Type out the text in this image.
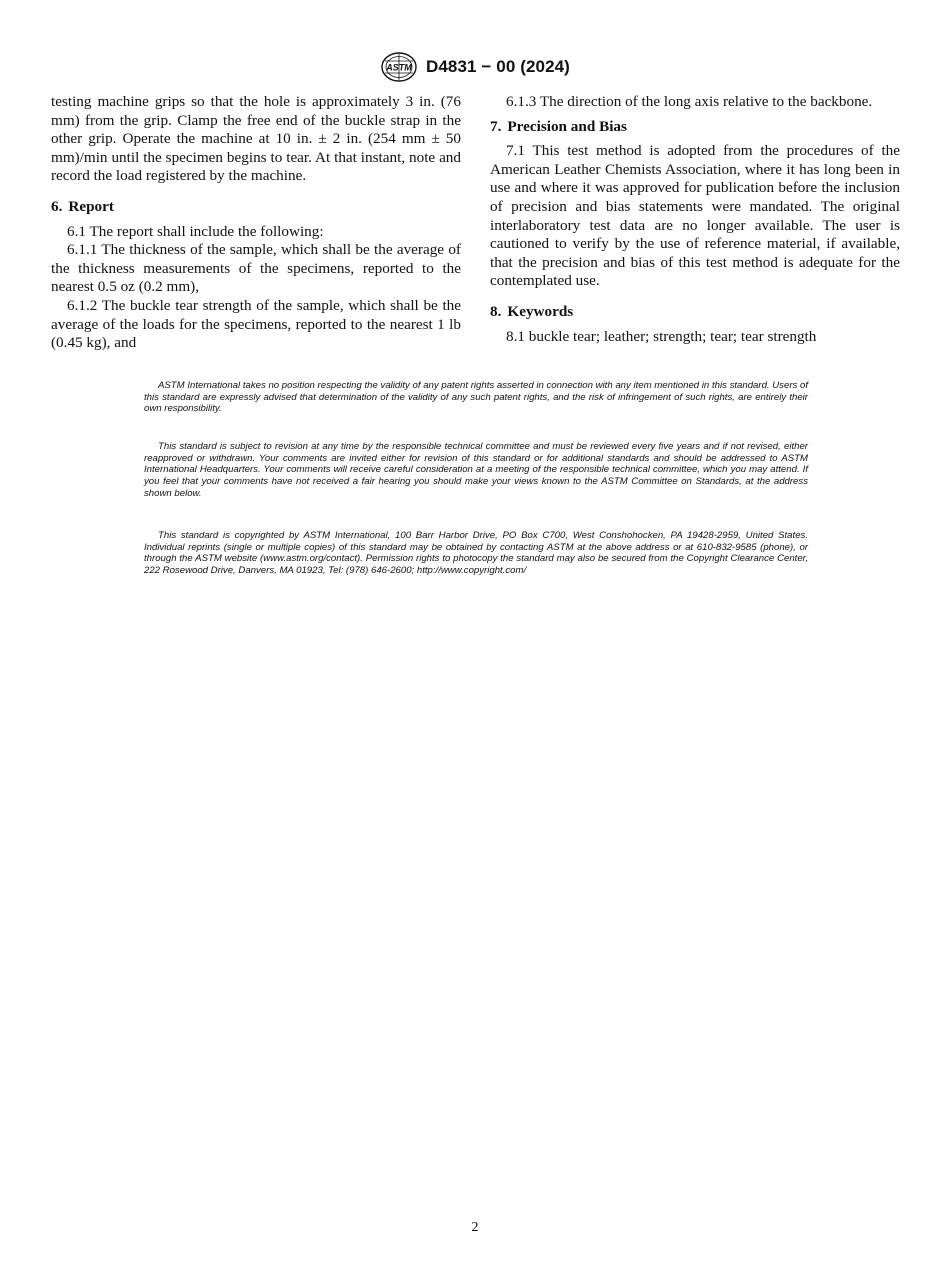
ASTM D4831 − 00 (2024)

testing machine grips so that the hole is approximately 3 in. (76 mm) from the grip. Clamp the free end of the buckle strap in the other grip. Operate the machine at 10 in. ± 2 in. (254 mm ± 50 mm)/min until the specimen begins to tear. At that instant, note and record the load registered by the machine.

6. Report

6.1 The report shall include the following:

6.1.1 The thickness of the sample, which shall be the average of the thickness measurements of the specimens, reported to the nearest 0.5 oz (0.2 mm),

6.1.2 The buckle tear strength of the sample, which shall be the average of the loads for the specimens, reported to the nearest 1 lb (0.45 kg), and

6.1.3 The direction of the long axis relative to the backbone.

7. Precision and Bias

7.1 This test method is adopted from the procedures of the American Leather Chemists Association, where it has long been in use and where it was approved for publication before the inclusion of precision and bias statements were mandated. The original interlaboratory test data are no longer available. The user is cautioned to verify by the use of reference material, if available, that the precision and bias of this test method is adequate for the contemplated use.

8. Keywords

8.1 buckle tear; leather; strength; tear; tear strength

ASTM International takes no position respecting the validity of any patent rights asserted in connection with any item mentioned in this standard. Users of this standard are expressly advised that determination of the validity of any such patent rights, and the risk of infringement of such rights, are entirely their own responsibility.

This standard is subject to revision at any time by the responsible technical committee and must be reviewed every five years and if not revised, either reapproved or withdrawn. Your comments are invited either for revision of this standard or for additional standards and should be addressed to ASTM International Headquarters. Your comments will receive careful consideration at a meeting of the responsible technical committee, which you may attend. If you feel that your comments have not received a fair hearing you should make your views known to the ASTM Committee on Standards, at the address shown below.

This standard is copyrighted by ASTM International, 100 Barr Harbor Drive, PO Box C700, West Conshohocken, PA 19428-2959, United States. Individual reprints (single or multiple copies) of this standard may be obtained by contacting ASTM at the above address or at 610-832-9585 (phone), or through the ASTM website (www.astm.org/contact). Permission rights to photocopy the standard may also be secured from the Copyright Clearance Center, 222 Rosewood Drive, Danvers, MA 01923, Tel: (978) 646-2600; http://www.copyright.com/

2
